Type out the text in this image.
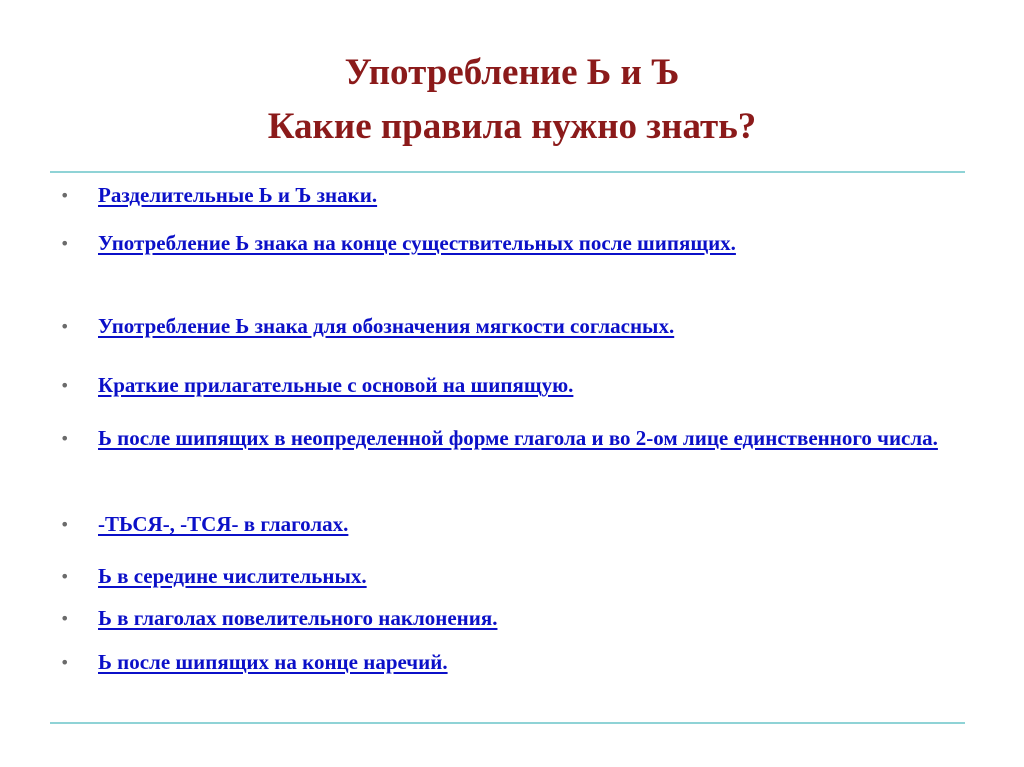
Употребление Ь и Ъ
Какие правила нужно знать?
• Разделительные Ь и Ъ знаки.
• Употребление Ь знака на конце существительных после шипящих.
• Употребление Ь знака для обозначения мягкости согласных.
• Краткие прилагательные с основой на шипящую.
• Ь после шипящих в неопределенной форме глагола и во 2-ом лице единственного числа.
• -ТЬСЯ-, -ТСЯ- в глаголах.
• Ь в середине числительных.
• Ь в глаголах повелительного наклонения.
• Ь после шипящих на конце наречий.
